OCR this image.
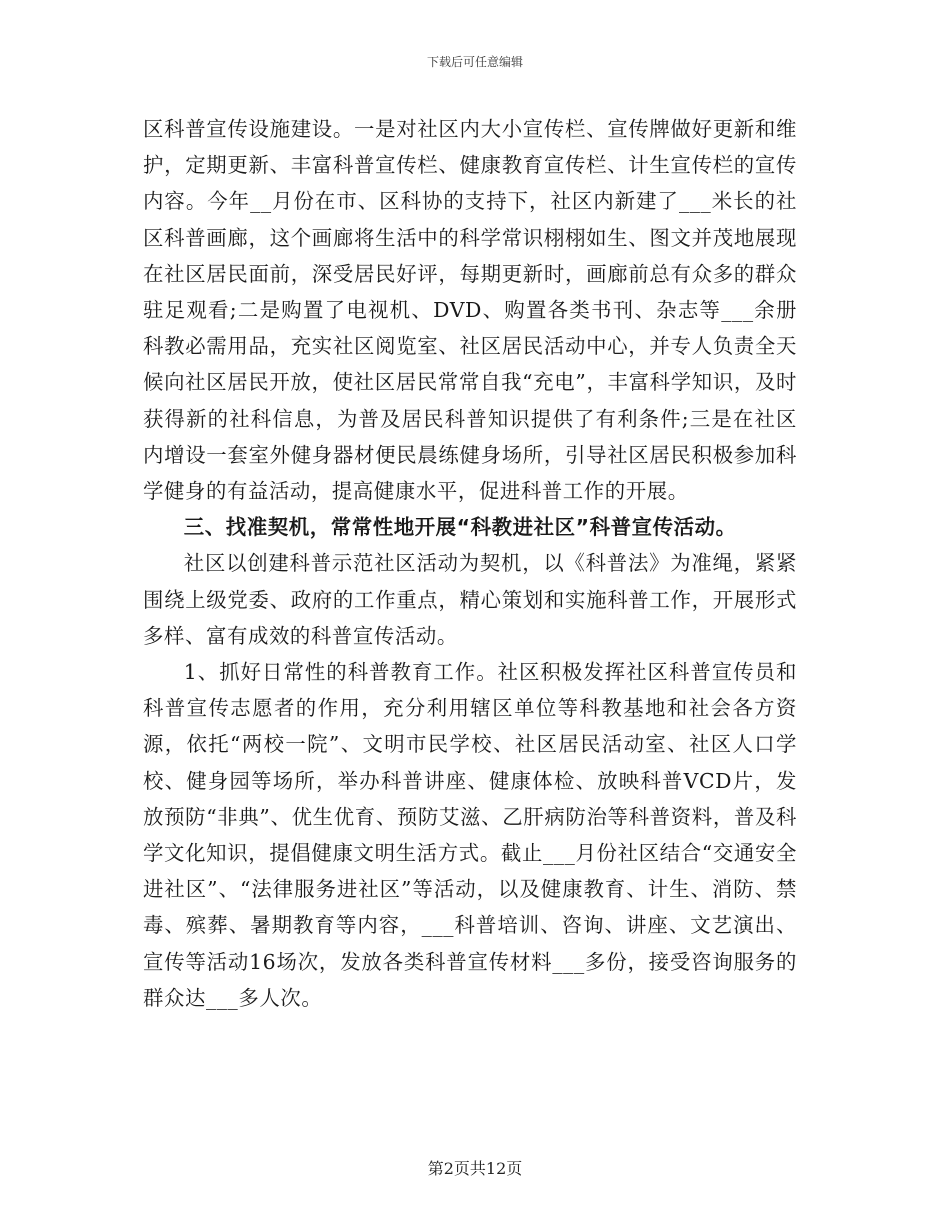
下载后可任意编辑

区科普宣传设施建设。一是对社区内大小宣传栏、宣传牌做好更新和维护，定期更新、丰富科普宣传栏、健康教育宣传栏、计生宣传栏的宣传内容。今年__月份在市、区科协的支持下，社区内新建了___米长的社区科普画廊，这个画廊将生活中的科学常识栩栩如生、图文并茂地展现在社区居民面前，深受居民好评，每期更新时，画廊前总有众多的群众驻足观看;二是购置了电视机、DVD、购置各类书刊、杂志等___余册科教必需用品，充实社区阅览室、社区居民活动中心，并专人负责全天候向社区居民开放，使社区居民常常自我“充电”，丰富科学知识，及时获得新的社科信息，为普及居民科普知识提供了有利条件;三是在社区内增设一套室外健身器材便民晨练健身场所，引导社区居民积极参加科学健身的有益活动，提高健康水平，促进科普工作的开展。

三、找准契机，常常性地开展“科教进社区”科普宣传活动。

社区以创建科普示范社区活动为契机，以《科普法》为准绳，紧紧围绕上级党委、政府的工作重点，精心策划和实施科普工作，开展形式多样、富有成效的科普宣传活动。

1、抓好日常性的科普教育工作。社区积极发挥社区科普宣传员和科普宣传志愿者的作用，充分利用辖区单位等科教基地和社会各方资源，依托“两校一院”、文明市民学校、社区居民活动室、社区人口学校、健身园等场所，举办科普讲座、健康体检、放映科普VCD片，发放预防“非典”、优生优育、预防艾滋、乙肝病防治等科普资料，普及科学文化知识，提倡健康文明生活方式。截止___月份社区结合“交通安全进社区”、“法律服务进社区”等活动，以及健康教育、计生、消防、禁毒、殡葬、暑期教育等内容，___科普培训、咨询、讲座、文艺演出、宣传等活动16场次，发放各类科普宣传材料___多份，接受咨询服务的群众达___多人次。

第2页共12页
